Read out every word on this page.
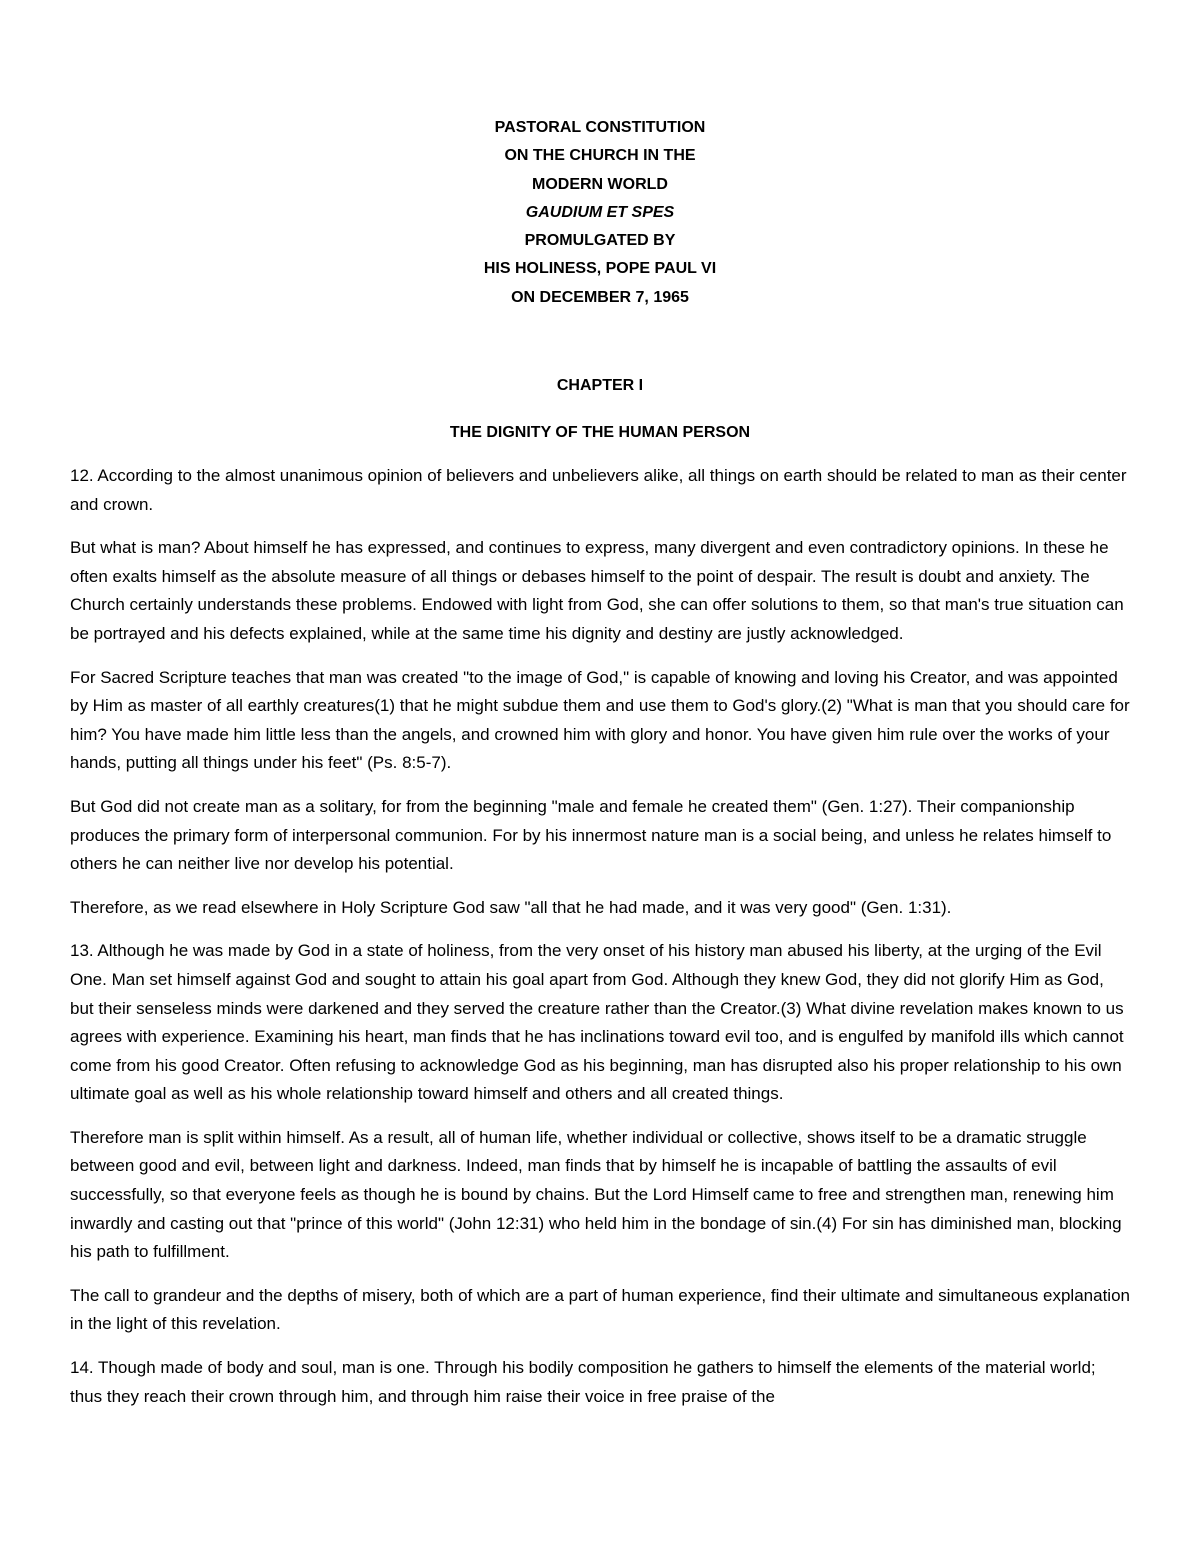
PASTORAL CONSTITUTION
ON THE CHURCH IN THE
MODERN WORLD
GAUDIUM ET SPES
PROMULGATED BY
HIS HOLINESS, POPE PAUL VI
ON DECEMBER 7, 1965
CHAPTER I
THE DIGNITY OF THE HUMAN PERSON

12. According to the almost unanimous opinion of believers and unbelievers alike, all things on earth should be related to man as their center and crown.

But what is man? About himself he has expressed, and continues to express, many divergent and even contradictory opinions. In these he often exalts himself as the absolute measure of all things or debases himself to the point of despair. The result is doubt and anxiety. The Church certainly understands these problems. Endowed with light from God, she can offer solutions to them, so that man's true situation can be portrayed and his defects explained, while at the same time his dignity and destiny are justly acknowledged.

For Sacred Scripture teaches that man was created "to the image of God," is capable of knowing and loving his Creator, and was appointed by Him as master of all earthly creatures(1) that he might subdue them and use them to God's glory.(2) "What is man that you should care for him? You have made him little less than the angels, and crowned him with glory and honor. You have given him rule over the works of your hands, putting all things under his feet" (Ps. 8:5-7).

But God did not create man as a solitary, for from the beginning "male and female he created them" (Gen. 1:27). Their companionship produces the primary form of interpersonal communion. For by his innermost nature man is a social being, and unless he relates himself to others he can neither live nor develop his potential.

Therefore, as we read elsewhere in Holy Scripture God saw "all that he had made, and it was very good" (Gen. 1:31).

13. Although he was made by God in a state of holiness, from the very onset of his history man abused his liberty, at the urging of the Evil One. Man set himself against God and sought to attain his goal apart from God. Although they knew God, they did not glorify Him as God, but their senseless minds were darkened and they served the creature rather than the Creator.(3) What divine revelation makes known to us agrees with experience. Examining his heart, man finds that he has inclinations toward evil too, and is engulfed by manifold ills which cannot come from his good Creator. Often refusing to acknowledge God as his beginning, man has disrupted also his proper relationship to his own ultimate goal as well as his whole relationship toward himself and others and all created things.

Therefore man is split within himself. As a result, all of human life, whether individual or collective, shows itself to be a dramatic struggle between good and evil, between light and darkness. Indeed, man finds that by himself he is incapable of battling the assaults of evil successfully, so that everyone feels as though he is bound by chains. But the Lord Himself came to free and strengthen man, renewing him inwardly and casting out that "prince of this world" (John 12:31) who held him in the bondage of sin.(4) For sin has diminished man, blocking his path to fulfillment.

The call to grandeur and the depths of misery, both of which are a part of human experience, find their ultimate and simultaneous explanation in the light of this revelation.

14. Though made of body and soul, man is one. Through his bodily composition he gathers to himself the elements of the material world; thus they reach their crown through him, and through him raise their voice in free praise of the
